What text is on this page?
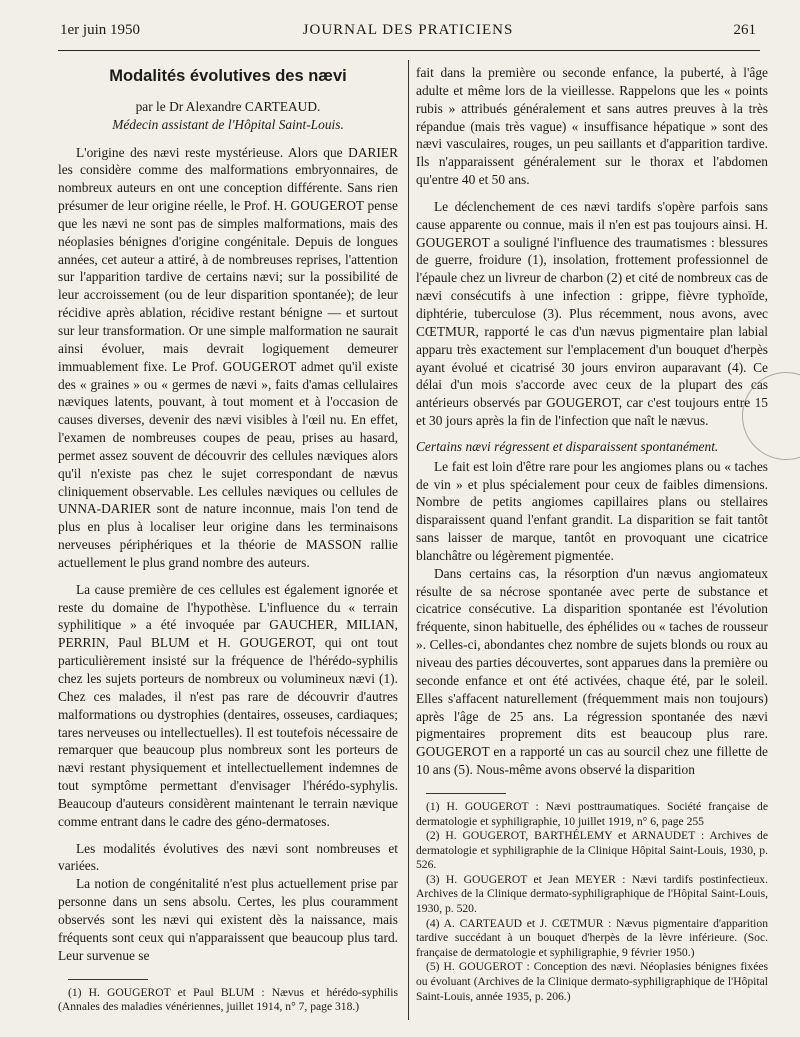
1er juin 1950	JOURNAL DES PRATICIENS	261
Modalités évolutives des nævi
par le Dr Alexandre CARTEAUD.
Médecin assistant de l'Hôpital Saint-Louis.

L'origine des nævi reste mystérieuse. Alors que DARIER les considère comme des malformations embryonnaires, de nombreux auteurs en ont une conception différente. Sans rien présumer de leur origine réelle, le Prof. H. GOUGEROT pense que les nævi ne sont pas de simples malformations, mais des néoplasies bénignes d'origine congénitale. Depuis de longues années, cet auteur a attiré, à de nombreuses reprises, l'attention sur l'apparition tardive de certains nævi; sur la possibilité de leur accroissement (ou de leur disparition spontanée); de leur récidive après ablation, récidive restant bénigne — et surtout sur leur transformation. Or une simple malformation ne saurait ainsi évoluer, mais devrait logiquement demeurer immuablement fixe. Le Prof. GOUGEROT admet qu'il existe des « graines » ou « germes de nævi », faits d'amas cellulaires næviques latents, pouvant, à tout moment et à l'occasion de causes diverses, devenir des nævi visibles à l'œil nu. En effet, l'examen de nombreuses coupes de peau, prises au hasard, permet assez souvent de découvrir des cellules næviques alors qu'il n'existe pas chez le sujet correspondant de nævus cliniquement observable. Les cellules næviques ou cellules de UNNA-DARIER sont de nature inconnue, mais l'on tend de plus en plus à localiser leur origine dans les terminaisons nerveuses périphériques et la théorie de MASSON rallie actuellement le plus grand nombre des auteurs.

La cause première de ces cellules est également ignorée et reste du domaine de l'hypothèse. L'influence du « terrain syphilitique » a été invoquée par GAUCHER, MILIAN, PERRIN, Paul BLUM et H. GOUGEROT, qui ont tout particulièrement insisté sur la fréquence de l'hérédo-syphilis chez les sujets porteurs de nombreux ou volumineux nævi (1). Chez ces malades, il n'est pas rare de découvrir d'autres malformations ou dystrophies (dentaires, osseuses, cardiaques; tares nerveuses ou intellectuelles). Il est toutefois nécessaire de remarquer que beaucoup plus nombreux sont les porteurs de nævi restant physiquement et intellectuellement indemnes de tout symptôme permettant d'envisager l'hérédo-syphylis. Beaucoup d'auteurs considèrent maintenant le terrain nævique comme entrant dans le cadre des géno-dermatoses.

Les modalités évolutives des nævi sont nombreuses et variées.

La notion de congénitalité n'est plus actuellement prise par personne dans un sens absolu. Certes, les plus couramment observés sont les nævi qui existent dès la naissance, mais fréquents sont ceux qui n'apparaissent que beaucoup plus tard. Leur survenue se

(1) H. GOUGEROT et Paul BLUM : Nævus et hérédo-syphilis (Annales des maladies vénériennes, juillet 1914, n° 7, page 318.)

fait dans la première ou seconde enfance, la puberté, à l'âge adulte et même lors de la vieillesse. Rappelons que les « points rubis » attribués généralement et sans autres preuves à la très répandue (mais très vague) « insuffisance hépatique » sont des nævi vasculaires, rouges, un peu saillants et d'apparition tardive. Ils n'apparaissent généralement sur le thorax et l'abdomen qu'entre 40 et 50 ans.

Le déclenchement de ces nævi tardifs s'opère parfois sans cause apparente ou connue, mais il n'en est pas toujours ainsi. H. GOUGEROT a souligné l'influence des traumatismes : blessures de guerre, froidure (1), insolation, frottement professionnel de l'épaule chez un livreur de charbon (2) et cité de nombreux cas de nævi consécutifs à une infection : grippe, fièvre typhoïde, diphtérie, tuberculose (3). Plus récemment, nous avons, avec CŒTMUR, rapporté le cas d'un nævus pigmentaire plan labial apparu très exactement sur l'emplacement d'un bouquet d'herpès ayant évolué et cicatrisé 30 jours environ auparavant (4). Ce délai d'un mois s'accorde avec ceux de la plupart des cas antérieurs observés par GOUGEROT, car c'est toujours entre 15 et 30 jours après la fin de l'infection que naît le nævus.

Certains nævi régressent et disparaissent spontanément.

Le fait est loin d'être rare pour les angiomes plans ou « taches de vin » et plus spécialement pour ceux de faibles dimensions. Nombre de petits angiomes capillaires plans ou stellaires disparaissent quand l'enfant grandit. La disparition se fait tantôt sans laisser de marque, tantôt en provoquant une cicatrice blanchâtre ou légèrement pigmentée.

Dans certains cas, la résorption d'un nævus angiomateux résulte de sa nécrose spontanée avec perte de substance et cicatrice consécutive. La disparition spontanée est l'évolution fréquente, sinon habituelle, des éphélides ou « taches de rousseur ». Celles-ci, abondantes chez nombre de sujets blonds ou roux au niveau des parties découvertes, sont apparues dans la première ou seconde enfance et ont été activées, chaque été, par le soleil. Elles s'affacent naturellement (fréquemment mais non toujours) après l'âge de 25 ans. La régression spontanée des nævi pigmentaires proprement dits est beaucoup plus rare. GOUGEROT en a rapporté un cas au sourcil chez une fillette de 10 ans (5). Nous-même avons observé la disparition

(1) H. GOUGEROT : Nævi posttraumatiques. Société française de dermatologie et syphiligraphie, 10 juillet 1919, n° 6, page 255

(2) H. GOUGEROT, BARTHÉLEMY et ARNAUDET : Archives de dermatologie et syphiligraphie de la Clinique Hôpital Saint-Louis, 1930, p. 526.

(3) H. GOUGEROT et Jean MEYER : Nævi tardifs postinfectieux. Archives de la Clinique dermato-syphiligraphique de l'Hôpital Saint-Louis, 1930, p. 520.

(4) A. CARTEAUD et J. CŒTMUR : Nævus pigmentaire d'apparition tardive succédant à un bouquet d'herpès de la lèvre inférieure. (Soc. française de dermatologie et syphiligraphie, 9 février 1950.)

(5) H. GOUGEROT : Conception des nævi. Néoplasies bénignes fixées ou évoluant (Archives de la Clinique dermato-syphiligraphique de l'Hôpital Saint-Louis, année 1935, p. 206.)
